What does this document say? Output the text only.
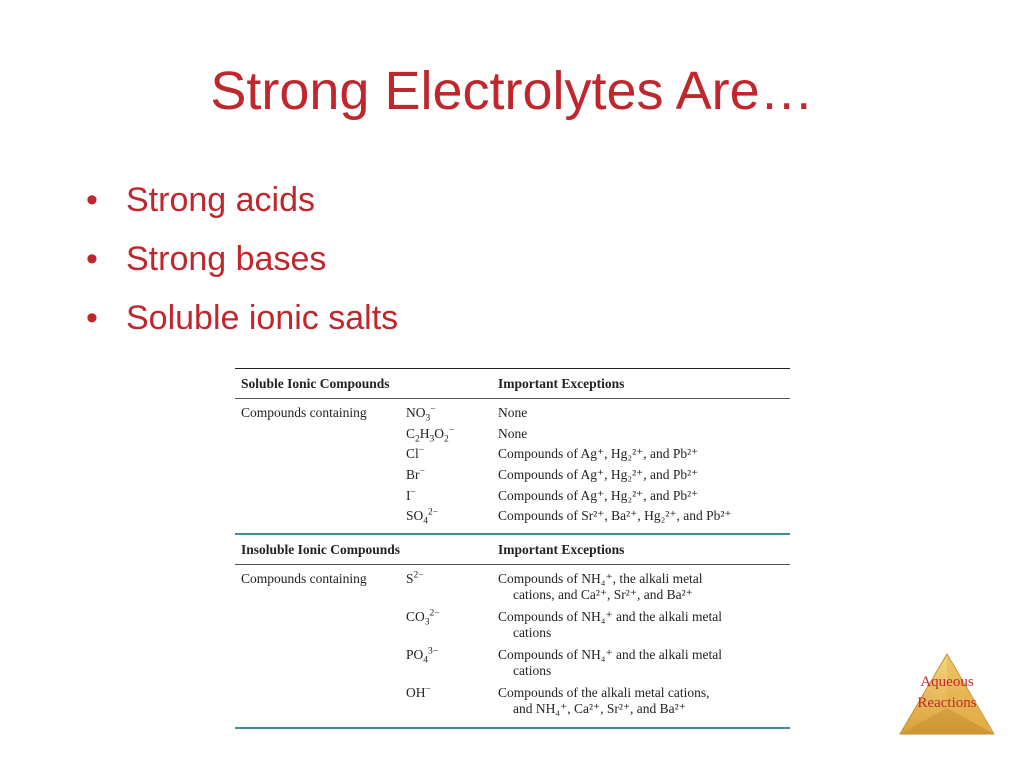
Strong Electrolytes Are…
• Strong acids
• Strong bases
• Soluble ionic salts
Soluble Ionic Compounds	Important Exceptions
Compounds containing	$NO_3^-$	None
$C_2H_3O_2^-$	None
Cl−	Compounds of Ag⁺, Hg₂²⁺, and Pb²⁺
Br−	Compounds of Ag⁺, Hg₂²⁺, and Pb²⁺
I−	Compounds of Ag⁺, Hg₂²⁺, and Pb²⁺
$SO_4^{2-}$	Compounds of Sr²⁺, Ba²⁺, Hg₂²⁺, and Pb²⁺
Insoluble Ionic Compounds	Important Exceptions
Compounds containing	$S^{2-}$	Compounds of NH₄⁺, the alkali metal
cations, and Ca²⁺, Sr²⁺, and Ba²⁺
$CO_3^{2-}$	Compounds of NH₄⁺ and the alkali metal
cations
$PO_4^{3-}$	Compounds of NH₄⁺ and the alkali metal
cations
OH−	Compounds of the alkali metal cations,
and NH₄⁺, Ca²⁺, Sr²⁺, and Ba²⁺
Aqueous
Reactions
